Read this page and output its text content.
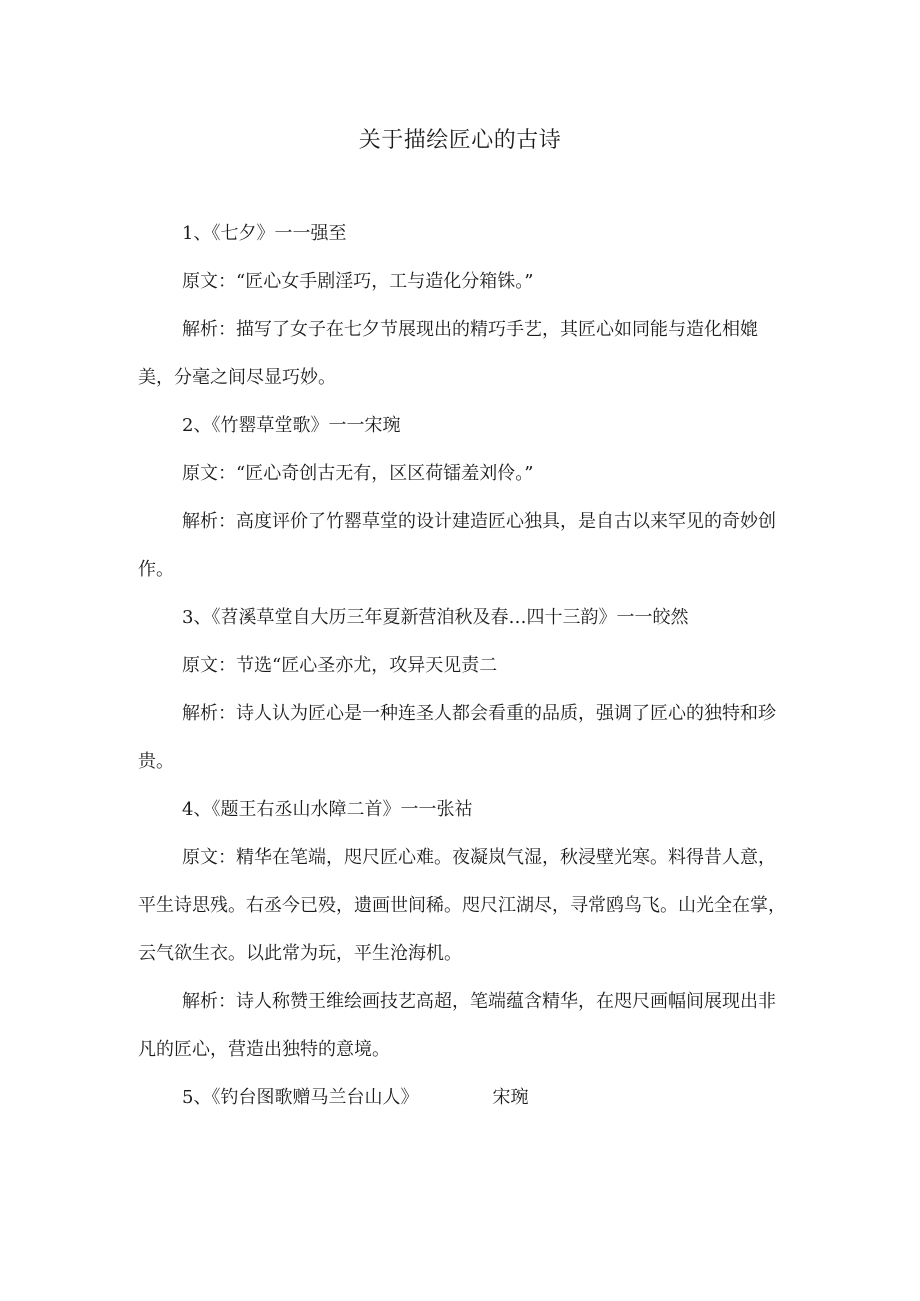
关于描绘匠心的古诗

1、《七夕》一一强至

原文：“匠心女手剧淫巧，工与造化分箱铢。”

解析：描写了女子在七夕节展现出的精巧手艺，其匠心如同能与造化相媲美，分毫之间尽显巧妙。

2、《竹罂草堂歌》一一宋琬

原文：“匠心奇创古无有，区区荷镭羞刘伶。”

解析：高度评价了竹罂草堂的设计建造匠心独具，是自古以来罕见的奇妙创作。

3、《苕溪草堂自大历三年夏新营洎秋及春…四十三韵》一一皎然

原文：节选“匠心圣亦尤，攻异天见责二

解析：诗人认为匠心是一种连圣人都会看重的品质，强调了匠心的独特和珍贵。

4、《题王右丞山水障二首》一一张祜

原文：精华在笔端，咫尺匠心难。夜凝岚气湿，秋浸壁光寒。料得昔人意，平生诗思残。右丞今已殁，遗画世间稀。咫尺江湖尽，寻常鸥鸟飞。山光全在掌，云气欲生衣。以此常为玩，平生沧海机。

解析：诗人称赞王维绘画技艺高超，笔端蕴含精华，在咫尺画幅间展现出非凡的匠心，营造出独特的意境。

5、《钓台图歌赠马兰台山人》	宋琬
